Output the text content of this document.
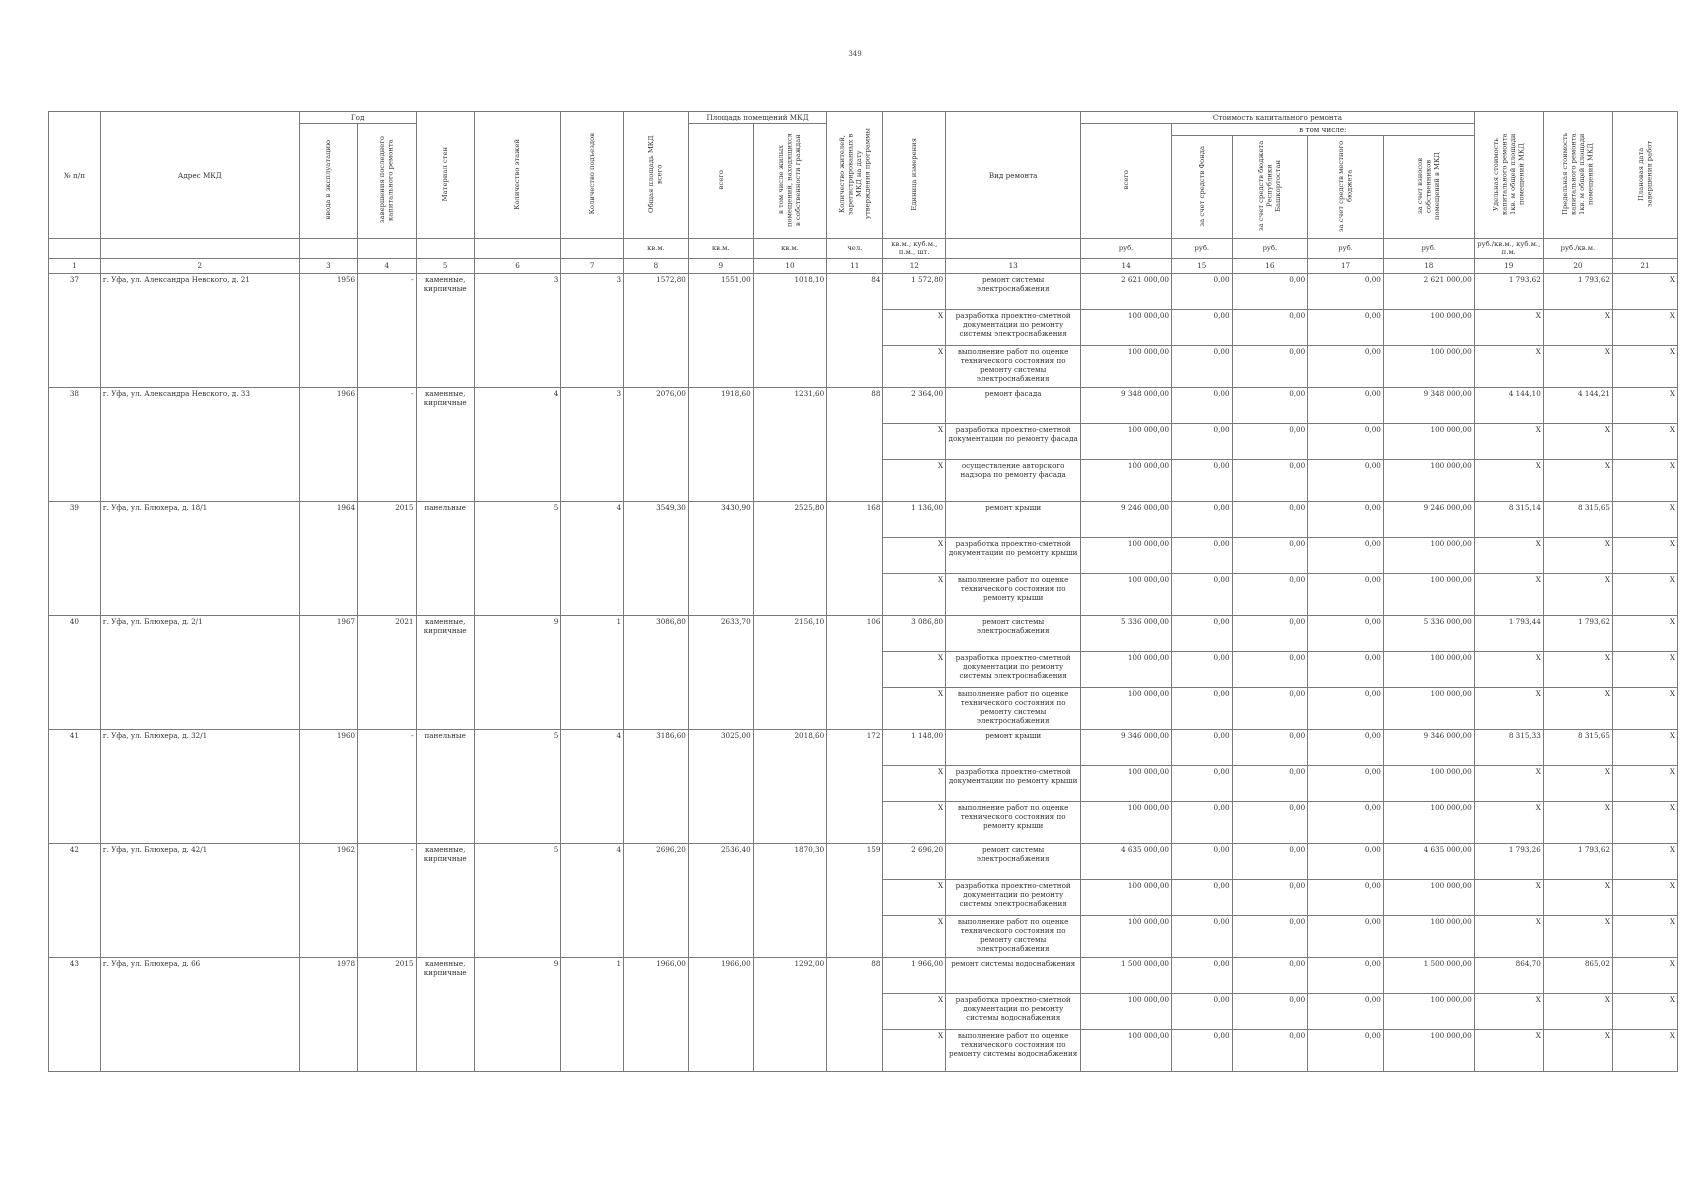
349
№ п/п	Адрес МКД	Год		Материал стен	Количество этажей	Количество подъездов	Общая площадь МКД всего	Площадь помещений МКД		Количество жителей, зарегистрированных в МКД на дату утверждения программы	Единица измерения	Вид ремонта	Стоимость капитального ремонта					Удельная стоимость капитального ремонта 1кв. м общей площади помещений МКД	Предельная стоимость капитального ремонта 1кв. м общей площади помещений МКД	Плановая дата завершения работ
		ввода в эксплуатацию	завершения последнего капитального ремонта					всего	в том числе жилых помещений, находящихся в собственности граждан				всего	в том числе:						
														за счет средств Фонда	за счет средств бюджета Республики Башкортостан	за счет средств местного бюджета	за счет взносов собственников помещений в МКД			
							кв.м.	кв.м.	кв.м.	чел.	кв.м., куб.м., п.м., шт.		руб.	руб.	руб.	руб.	руб.	руб./кв.м., куб.м., п.м.	руб./кв.м.	
1	2	3	4	5	6	7	8	9	10	11	12	13	14	15	16	17	18	19	20	21
37	г. Уфа, ул. Александра Невского, д. 21	1956	-	каменные, кирпичные	3	3	1572,80	1551,00	1018,10	84	1 572,80	ремонт системы электроснабжения	2 621 000,00	0,00	0,00	0,00	2 621 000,00	1 793,62	1 793,62	X
											X	разработка проектно-сметной документации по ремонту системы электроснабжения	100 000,00	0,00	0,00	0,00	100 000,00	X	X	X
											X	выполнение работ по оценке технического состояния по ремонту системы электроснабжения	100 000,00	0,00	0,00	0,00	100 000,00	X	X	X
38	г. Уфа, ул. Александра Невского, д. 33	1966	-	каменные, кирпичные	4	3	2076,00	1918,60	1231,60	88	2 364,00	ремонт фасада	9 348 000,00	0,00	0,00	0,00	9 348 000,00	4 144,10	4 144,21	X
											X	разработка проектно-сметной документации по ремонту фасада	100 000,00	0,00	0,00	0,00	100 000,00	X	X	X
											X	осуществление авторского надзора по ремонту фасада	100 000,00	0,00	0,00	0,00	100 000,00	X	X	X
39	г. Уфа, ул. Блюхера, д. 18/1	1964	2015	панельные	5	4	3549,30	3430,90	2525,80	168	1 136,00	ремонт крыши	9 246 000,00	0,00	0,00	0,00	9 246 000,00	8 315,14	8 315,65	X
											X	разработка проектно-сметной документации по ремонту крыши	100 000,00	0,00	0,00	0,00	100 000,00	X	X	X
											X	выполнение работ по оценке технического состояния по ремонту крыши	100 000,00	0,00	0,00	0,00	100 000,00	X	X	X
40	г. Уфа, ул. Блюхера, д. 2/1	1967	2021	каменные, кирпичные	9	1	3086,80	2633,70	2156,10	106	3 086,80	ремонт системы электроснабжения	5 336 000,00	0,00	0,00	0,00	5 336 000,00	1 793,44	1 793,62	X
											X	разработка проектно-сметной документации по ремонту системы электроснабжения	100 000,00	0,00	0,00	0,00	100 000,00	X	X	X
											X	выполнение работ по оценке технического состояния по ремонту системы электроснабжения	100 000,00	0,00	0,00	0,00	100 000,00	X	X	X
41	г. Уфа, ул. Блюхера, д. 32/1	1960	-	панельные	5	4	3186,60	3025,00	2018,60	172	1 148,00	ремонт крыши	9 346 000,00	0,00	0,00	0,00	9 346 000,00	8 315,33	8 315,65	X
											X	разработка проектно-сметной документации по ремонту крыши	100 000,00	0,00	0,00	0,00	100 000,00	X	X	X
											X	выполнение работ по оценке технического состояния по ремонту крыши	100 000,00	0,00	0,00	0,00	100 000,00	X	X	X
42	г. Уфа, ул. Блюхера, д. 42/1	1962	-	каменные, кирпичные	5	4	2696,20	2536,40	1870,30	159	2 696,20	ремонт системы электроснабжения	4 635 000,00	0,00	0,00	0,00	4 635 000,00	1 793,26	1 793,62	X
											X	разработка проектно-сметной документации по ремонту системы электроснабжения	100 000,00	0,00	0,00	0,00	100 000,00	X	X	X
											X	выполнение работ по оценке технического состояния по ремонту системы электроснабжения	100 000,00	0,00	0,00	0,00	100 000,00	X	X	X
43	г. Уфа, ул. Блюхера, д. 66	1978	2015	каменные, кирпичные	9	1	1966,00	1966,00	1292,00	88	1 966,00	ремонт системы водоснабжения	1 500 000,00	0,00	0,00	0,00	1 500 000,00	864,70	865,02	X
											X	разработка проектно-сметной документации по ремонту системы водоснабжения	100 000,00	0,00	0,00	0,00	100 000,00	X	X	X
											X	выполнение работ по оценке технического состояния по ремонту системы водоснабжения	100 000,00	0,00	0,00	0,00	100 000,00	X	X	X
